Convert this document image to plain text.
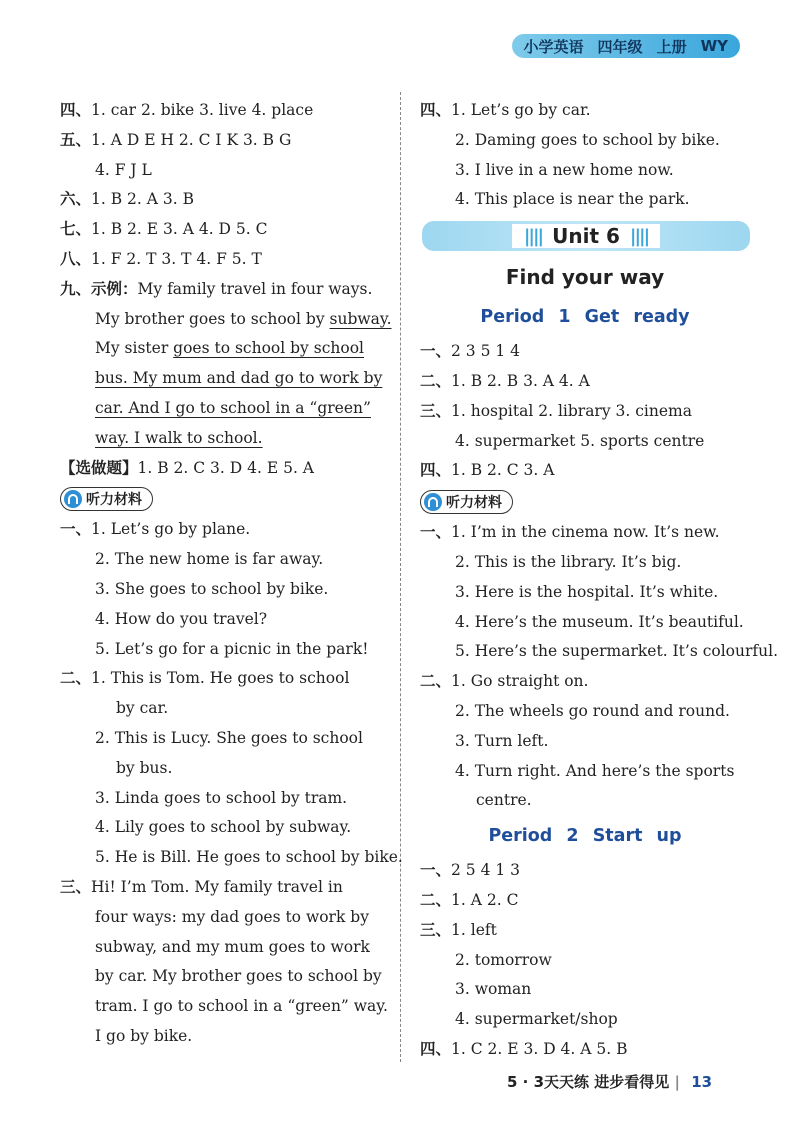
小学英语 四年级 上册 WY
四、1. car 2. bike 3. live 4. place
五、1. A D E H 2. C I K 3. B G
4. F J L
六、1. B 2. A 3. B
七、1. B 2. E 3. A 4. D 5. C
八、1. F 2. T 3. T 4. F 5. T
九、示例：My family travel in four ways.
My brother goes to school by subway.
My sister goes to school by school
bus. My mum and dad go to work by
car. And I go to school in a “green”
way. I walk to school.
【选做题】1. B 2. C 3. D 4. E 5. A
听力材料
一、1. Let’s go by plane.
2. The new home is far away.
3. She goes to school by bike.
4. How do you travel?
5. Let’s go for a picnic in the park!
二、1. This is Tom. He goes to school
by car.
2. This is Lucy. She goes to school
by bus.
3. Linda goes to school by tram.
4. Lily goes to school by subway.
5. He is Bill. He goes to school by bike.
三、Hi! I’m Tom. My family travel in
four ways: my dad goes to work by
subway, and my mum goes to work
by car. My brother goes to school by
tram. I go to school in a “green” way.
I go by bike.
四、1. Let’s go by car.
2. Daming goes to school by bike.
3. I live in a new home now.
4. This place is near the park.
|||| Unit 6 ||||
Find your way
Period 1 Get ready
一、2 3 5 1 4
二、1. B 2. B 3. A 4. A
三、1. hospital 2. library 3. cinema
4. supermarket 5. sports centre
四、1. B 2. C 3. A
听力材料
一、1. I’m in the cinema now. It’s new.
2. This is the library. It’s big.
3. Here is the hospital. It’s white.
4. Here’s the museum. It’s beautiful.
5. Here’s the supermarket. It’s colourful.
二、1. Go straight on.
2. The wheels go round and round.
3. Turn left.
4. Turn right. And here’s the sports
centre.
Period 2 Start up
一、2 5 4 1 3
二、1. A 2. C
三、1. left
2. tomorrow
3. woman
4. supermarket/shop
四、1. C 2. E 3. D 4. A 5. B
5 · 3天天练 进步看得见 | 13
